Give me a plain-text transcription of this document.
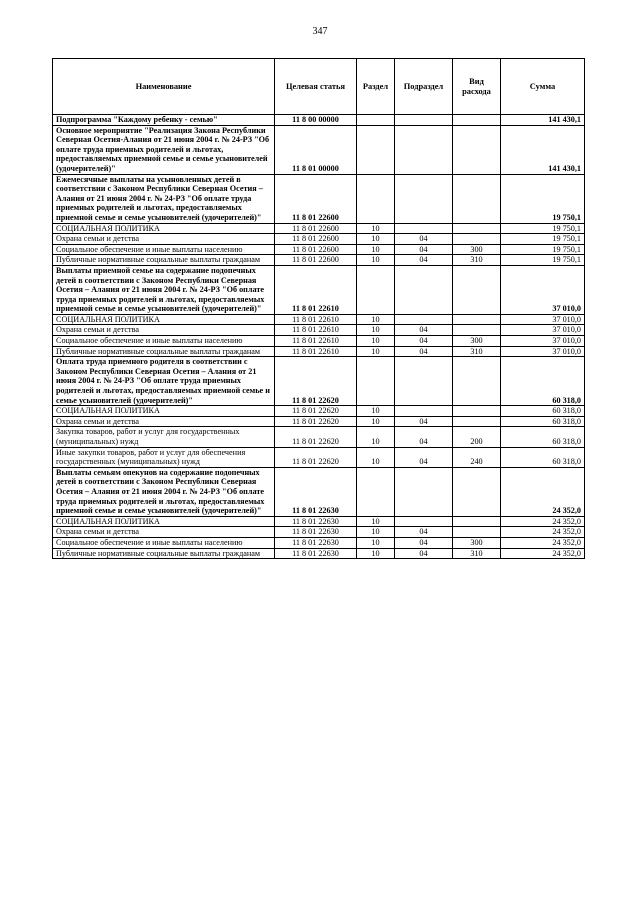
347
Наименование	Целевая статья	Раздел	Подраздел	Вид расхода	Сумма
Подпрограмма "Каждому ребенку - семью"	11 8 00 00000				141 430,1
Основное мероприятие "Реализация Закона Республики Северная Осетия-Алания от 21 июня 2004 г. № 24-РЗ "Об оплате труда приемных родителей и льготах, предоставляемых приемной семье и семье усыновителей (удочерителей)"	11 8 01 00000				141 430,1
Ежемесячные выплаты на усыновленных детей в соответствии с Законом Республики Северная Осетия – Алания от 21 июня 2004 г. № 24-РЗ "Об оплате труда приемных родителей и льготах, предоставляемых приемной семье и семье усыновителей (удочерителей)"	11 8 01 22600				19 750,1
СОЦИАЛЬНАЯ ПОЛИТИКА	11 8 01 22600	10			19 750,1
Охрана семьи и детства	11 8 01 22600	10	04		19 750,1
Социальное обеспечение и иные выплаты населению	11 8 01 22600	10	04	300	19 750,1
Публичные нормативные социальные выплаты гражданам	11 8 01 22600	10	04	310	19 750,1
Выплаты приемной семье на содержание подопечных детей в соответствии с Законом Республики Северная Осетия – Алания от 21 июня 2004 г. № 24-РЗ "Об оплате труда приемных родителей и льготах, предоставляемых приемной семье и семье усыновителей (удочерителей)"	11 8 01 22610				37 010,0
СОЦИАЛЬНАЯ ПОЛИТИКА	11 8 01 22610	10			37 010,0
Охрана семьи и детства	11 8 01 22610	10	04		37 010,0
Социальное обеспечение и иные выплаты населению	11 8 01 22610	10	04	300	37 010,0
Публичные нормативные социальные выплаты гражданам	11 8 01 22610	10	04	310	37 010,0
Оплата труда приемного родителя в соответствии с Законом Республики Северная Осетия – Алания от 21 июня 2004 г. № 24-РЗ "Об оплате труда приемных родителей и льготах, предоставляемых приемной семье и семье усыновителей (удочерителей)"	11 8 01 22620				60 318,0
СОЦИАЛЬНАЯ ПОЛИТИКА	11 8 01 22620	10			60 318,0
Охрана семьи и детства	11 8 01 22620	10	04		60 318,0
Закупка товаров, работ и услуг для государственных (муниципальных) нужд	11 8 01 22620	10	04	200	60 318,0
Иные закупки товаров, работ и услуг для обеспечения государственных (муниципальных) нужд	11 8 01 22620	10	04	240	60 318,0
Выплаты семьям опекунов на содержание подопечных детей в соответствии с Законом Республики Северная Осетия – Алания от 21 июня 2004 г. № 24-РЗ "Об оплате труда приемных родителей и льготах, предоставляемых приемной семье и семье усыновителей (удочерителей)"	11 8 01 22630				24 352,0
СОЦИАЛЬНАЯ ПОЛИТИКА	11 8 01 22630	10			24 352,0
Охрана семьи и детства	11 8 01 22630	10	04		24 352,0
Социальное обеспечение и иные выплаты населению	11 8 01 22630	10	04	300	24 352,0
Публичные нормативные социальные выплаты гражданам	11 8 01 22630	10	04	310	24 352,0
